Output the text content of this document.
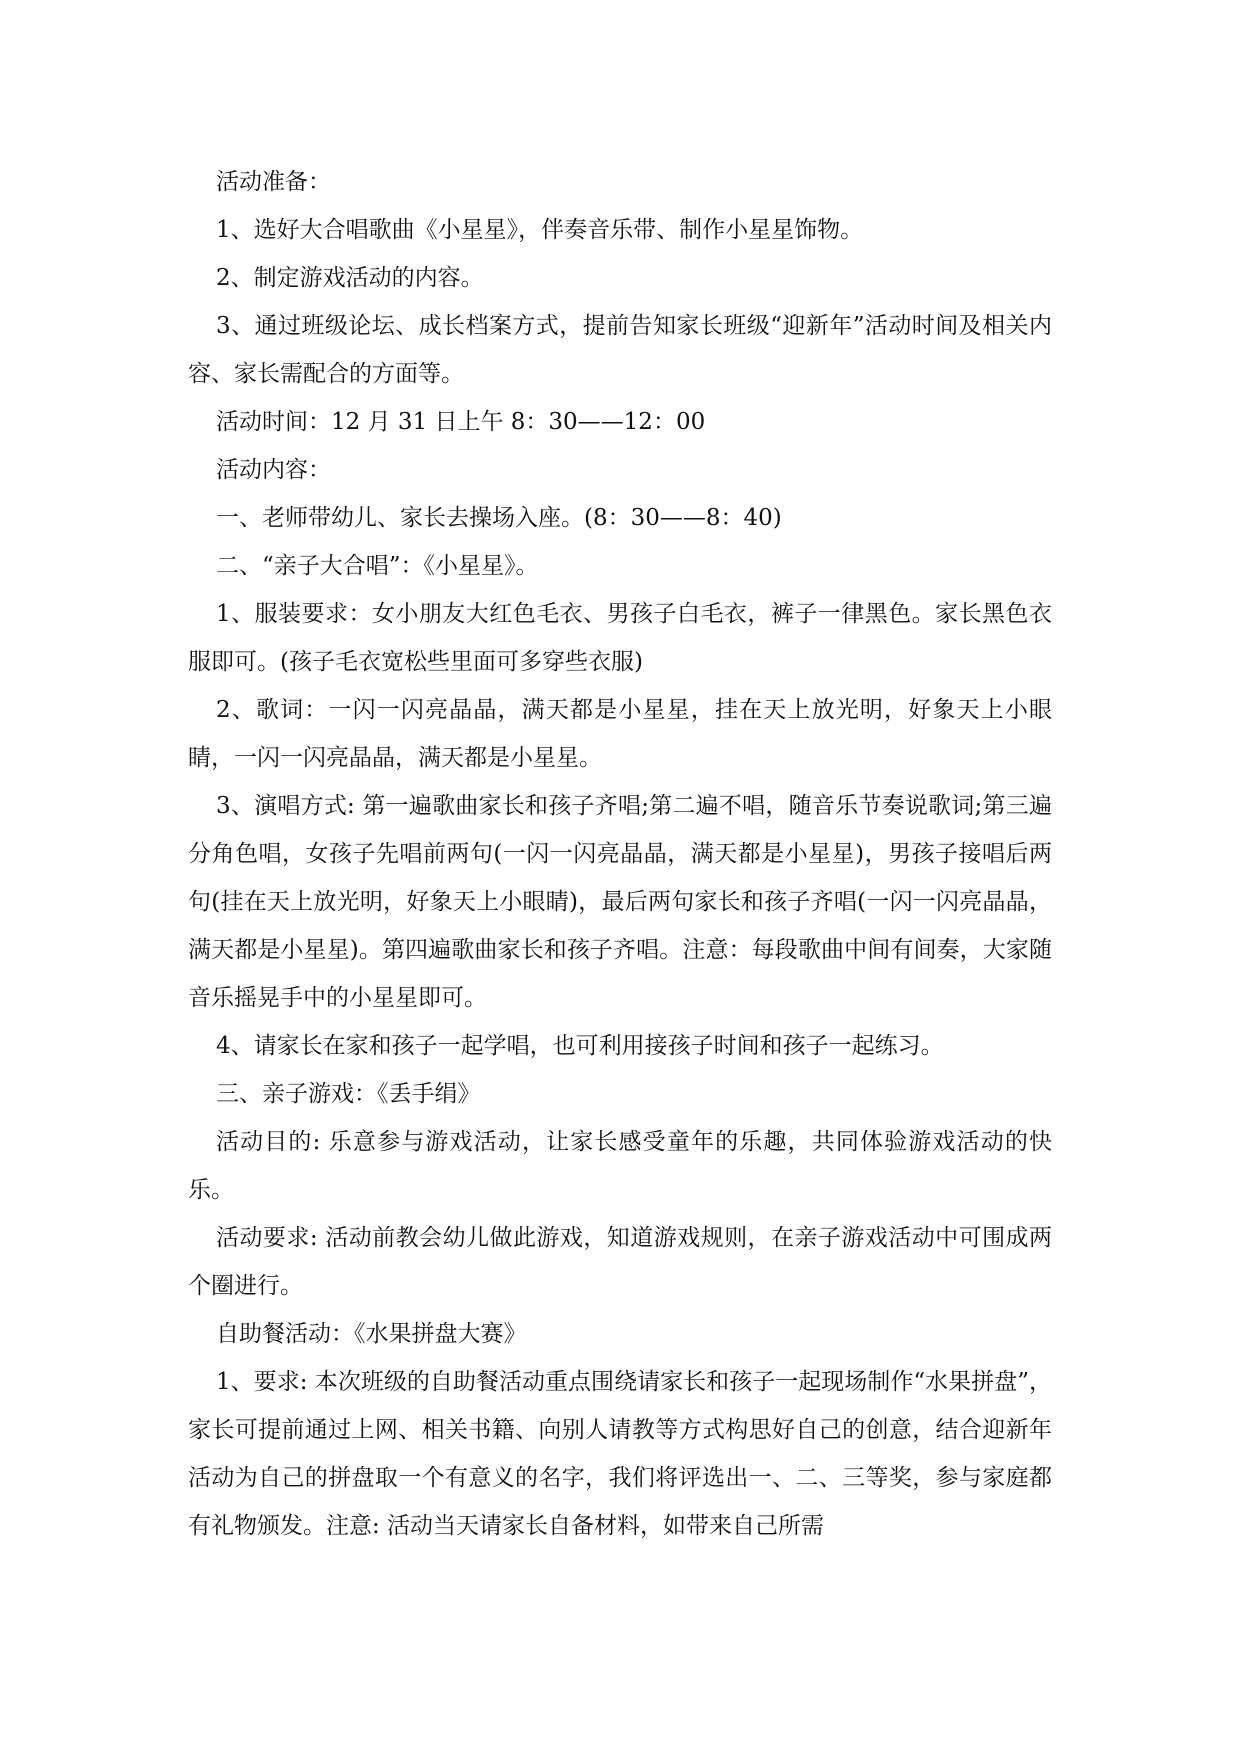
活动准备：

1、选好大合唱歌曲《小星星》，伴奏音乐带、制作小星星饰物。

2、制定游戏活动的内容。

3、通过班级论坛、成长档案方式，提前告知家长班级“迎新年”活动时间及相关内容、家长需配合的方面等。

活动时间：12 月 31 日上午 8：30——12：00

活动内容：

一、老师带幼儿、家长去操场入座。(8：30——8：40)

二、“亲子大合唱”：《小星星》。

1、服装要求：女小朋友大红色毛衣、男孩子白毛衣，裤子一律黑色。家长黑色衣服即可。(孩子毛衣宽松些里面可多穿些衣服)

2、歌词：一闪一闪亮晶晶，满天都是小星星，挂在天上放光明，好象天上小眼睛，一闪一闪亮晶晶，满天都是小星星。

3、演唱方式: 第一遍歌曲家长和孩子齐唱;第二遍不唱，随音乐节奏说歌词;第三遍分角色唱，女孩子先唱前两句(一闪一闪亮晶晶，满天都是小星星)，男孩子接唱后两句(挂在天上放光明，好象天上小眼睛)，最后两句家长和孩子齐唱(一闪一闪亮晶晶，满天都是小星星)。第四遍歌曲家长和孩子齐唱。注意：每段歌曲中间有间奏，大家随音乐摇晃手中的小星星即可。

4、请家长在家和孩子一起学唱，也可利用接孩子时间和孩子一起练习。

三、亲子游戏：《丢手绢》

活动目的: 乐意参与游戏活动，让家长感受童年的乐趣，共同体验游戏活动的快乐。

活动要求: 活动前教会幼儿做此游戏，知道游戏规则，在亲子游戏活动中可围成两个圈进行。

自助餐活动：《水果拼盘大赛》

1、要求: 本次班级的自助餐活动重点围绕请家长和孩子一起现场制作“水果拼盘”，家长可提前通过上网、相关书籍、向别人请教等方式构思好自己的创意，结合迎新年活动为自己的拼盘取一个有意义的名字，我们将评选出一、二、三等奖，参与家庭都有礼物颁发。注意: 活动当天请家长自备材料，如带来自己所需
